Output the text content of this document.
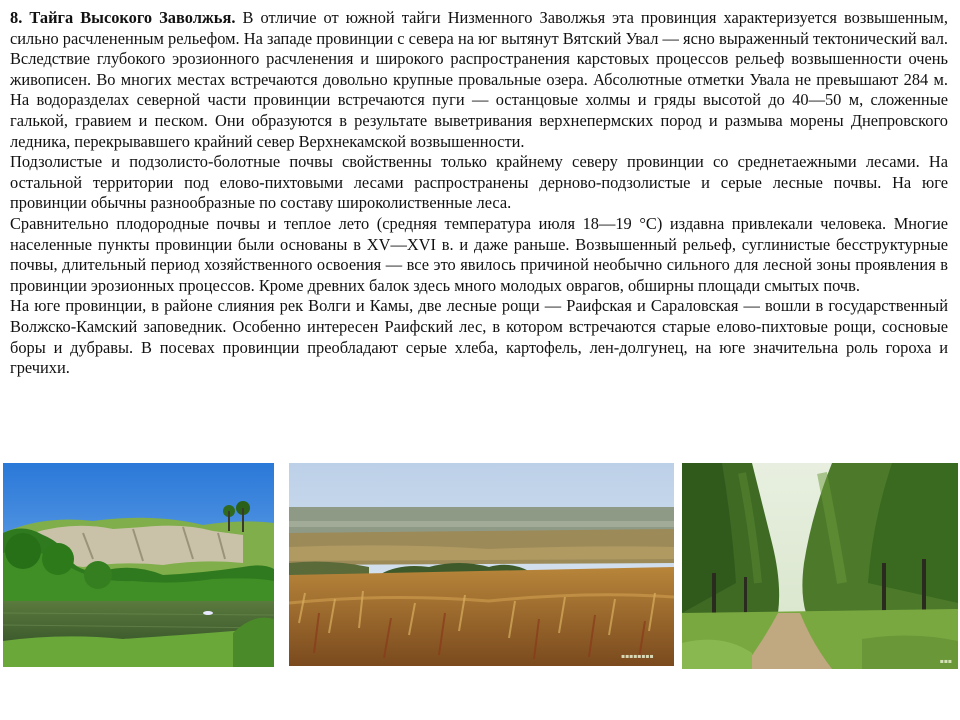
8. Тайга Высокого Заволжья. В отличие от южной тайги Низменного Заволжья эта провинция характеризуется возвышенным, сильно расчлененным рельефом. На западе провинции с севера на юг вытянут Вятский Увал — ясно выраженный тектонический вал. Вследствие глубокого эрозионного расчленения и широкого распространения карстовых процессов рельеф возвышенности очень живописен. Во многих местах встречаются довольно крупные провальные озера. Абсолютные отметки Увала не превышают 284 м. На водоразделах северной части провинции встречаются пуги — останцовые холмы и гряды высотой до 40—50 м, сложенные галькой, гравием и песком. Они образуются в результате выветривания верхнепермских пород и размыва морены Днепровского ледника, перекрывавшего крайний север Верхнекамской возвышенности.

Подзолистые и подзолисто-болотные почвы свойственны только крайнему северу провинции со среднетаежными лесами. На остальной территории под елово-пихтовыми лесами распространены дерново-подзолистые и серые лесные почвы. На юге провинции обычны разнообразные по составу широколиственные леса.

Сравнительно плодородные почвы и теплое лето (средняя температура июля 18—19 °С) издавна привлекали человека. Многие населенные пункты провинции были основаны в XV—XVI в. и даже раньше. Возвышенный рельеф, суглинистые бесструктурные почвы, длительный период хозяйственного освоения — все это явилось причиной необычно сильного для лесной зоны проявления в провинции эрозионных процессов. Кроме древних балок здесь много молодых оврагов, обширны площади смытых почв.

На юге провинции, в районе слияния рек Волги и Камы, две лесные рощи — Раифская и Сараловская — вошли в государственный Волжско-Камский заповедник. Особенно интересен Раифский лес, в котором встречаются старые елово-пихтовые рощи, сосновые боры и дубравы. В посевах провинции преобладают серые хлеба, картофель, лен-долгунец, на юге значительна роль гороха и гречихи.

▪▪▪▪▪▪▪▪
▪▪▪
